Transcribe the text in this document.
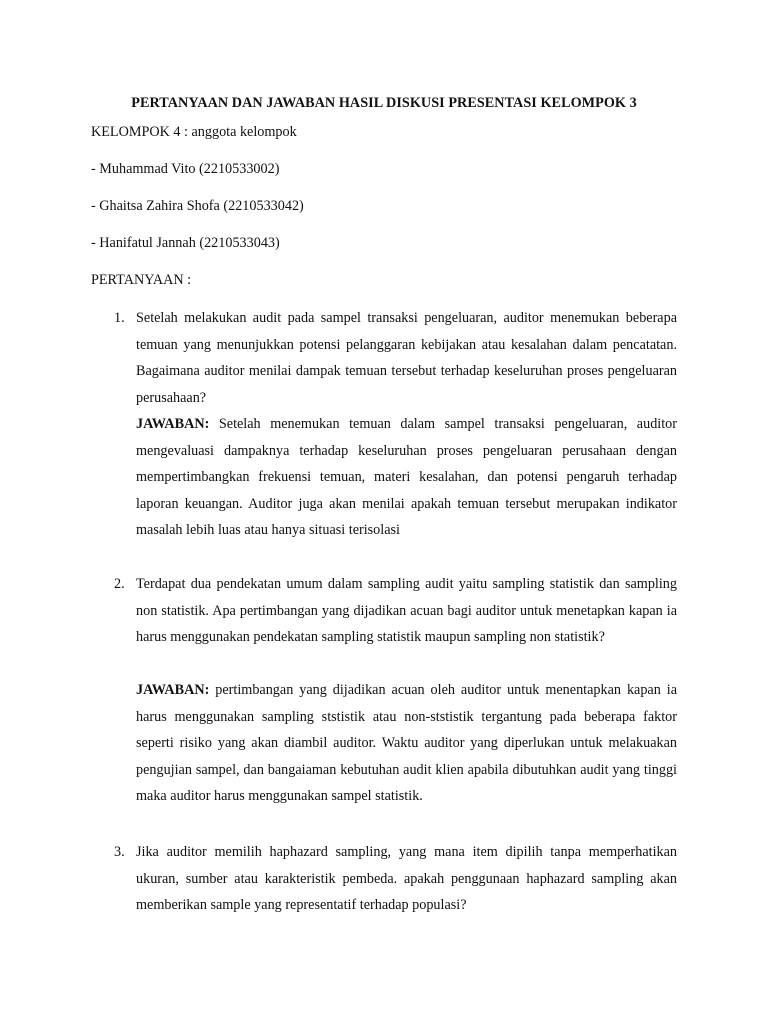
PERTANYAAN DAN JAWABAN HASIL DISKUSI PRESENTASI KELOMPOK 3
KELOMPOK 4 : anggota kelompok
- Muhammad Vito (2210533002)
- Ghaitsa Zahira Shofa (2210533042)
- Hanifatul Jannah (2210533043)
PERTANYAAN :
1. Setelah melakukan audit pada sampel transaksi pengeluaran, auditor menemukan beberapa temuan yang menunjukkan potensi pelanggaran kebijakan atau kesalahan dalam pencatatan. Bagaimana auditor menilai dampak temuan tersebut terhadap keseluruhan proses pengeluaran perusahaan?

JAWABAN: Setelah menemukan temuan dalam sampel transaksi pengeluaran, auditor mengevaluasi dampaknya terhadap keseluruhan proses pengeluaran perusahaan dengan mempertimbangkan frekuensi temuan, materi kesalahan, dan potensi pengaruh terhadap laporan keuangan. Auditor juga akan menilai apakah temuan tersebut merupakan indikator masalah lebih luas atau hanya situasi terisolasi

2. Terdapat dua pendekatan umum dalam sampling audit yaitu sampling statistik dan sampling non statistik. Apa pertimbangan yang dijadikan acuan bagi auditor untuk menetapkan kapan ia harus menggunakan pendekatan sampling statistik maupun sampling non statistik?

JAWABAN: pertimbangan yang dijadikan acuan oleh auditor untuk menentapkan kapan ia harus menggunakan sampling ststistik atau non-ststistik tergantung pada beberapa faktor seperti risiko yang akan diambil auditor. Waktu auditor yang diperlukan untuk melakuakan pengujian sampel, dan bangaiaman kebutuhan audit klien apabila dibutuhkan audit yang tinggi maka auditor harus menggunakan sampel statistik.

3. Jika auditor memilih haphazard sampling, yang mana item dipilih tanpa memperhatikan ukuran, sumber atau karakteristik pembeda. apakah penggunaan haphazard sampling akan memberikan sample yang representatif terhadap populasi?
